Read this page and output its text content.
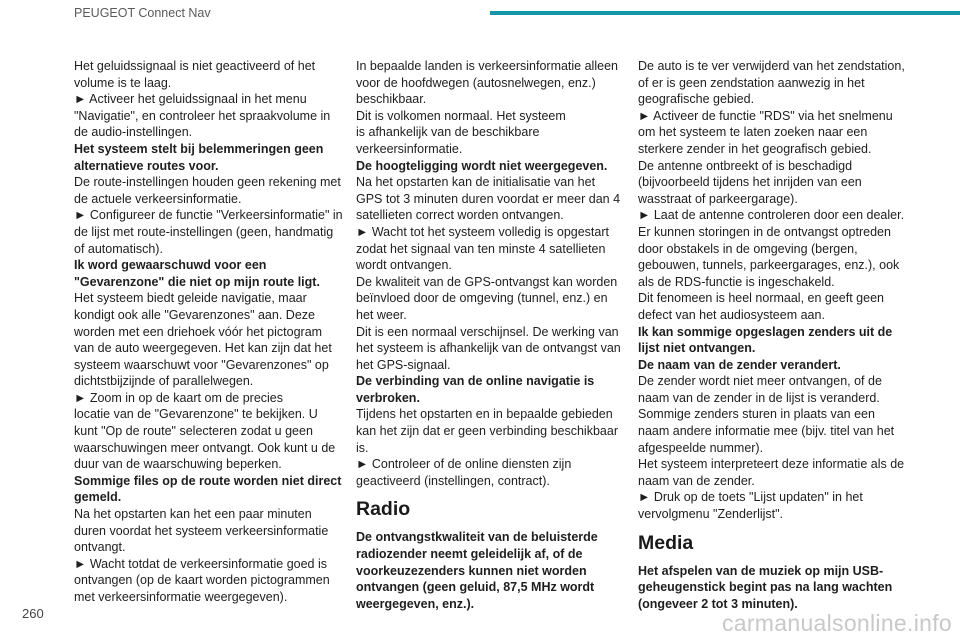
PEUGEOT Connect Nav
Het geluidssignaal is niet geactiveerd of het
volume is te laag.
► Activeer het geluidssignaal in het menu
"Navigatie", en controleer het spraakvolume in
de audio-instellingen.
Het systeem stelt bij belemmeringen geen
alternatieve routes voor.
De route-instellingen houden geen rekening met
de actuele verkeersinformatie.
► Configureer de functie "Verkeersinformatie" in
de lijst met route-instellingen (geen, handmatig
of automatisch).
Ik word gewaarschuwd voor een
"Gevarenzone" die niet op mijn route ligt.
Het systeem biedt geleide navigatie, maar
kondigt ook alle "Gevarenzones" aan. Deze
worden met een driehoek vóór het pictogram
van de auto weergegeven. Het kan zijn dat het
systeem waarschuwt voor "Gevarenzones" op
dichtstbijzijnde of parallelwegen.
► Zoom in op de kaart om de precies
locatie van de "Gevarenzone" te bekijken. U
kunt "Op de route" selecteren zodat u geen
waarschuwingen meer ontvangt. Ook kunt u de
duur van de waarschuwing beperken.
Sommige files op de route worden niet direct
gemeld.
Na het opstarten kan het een paar minuten
duren voordat het systeem verkeersinformatie
ontvangt.
► Wacht totdat de verkeersinformatie goed is
ontvangen (op de kaart worden pictogrammen
met verkeersinformatie weergegeven).
In bepaalde landen is verkeersinformatie alleen
voor de hoofdwegen (autosnelwegen, enz.)
beschikbaar.
Dit is volkomen normaal. Het systeem
is afhankelijk van de beschikbare
verkeersinformatie.
De hoogteligging wordt niet weergegeven.
Na het opstarten kan de initialisatie van het
GPS tot 3 minuten duren voordat er meer dan 4
satellieten correct worden ontvangen.
► Wacht tot het systeem volledig is opgestart
zodat het signaal van ten minste 4 satellieten
wordt ontvangen.
De kwaliteit van de GPS-ontvangst kan worden
beïnvloed door de omgeving (tunnel, enz.) en
het weer.
Dit is een normaal verschijnsel. De werking van
het systeem is afhankelijk van de ontvangst van
het GPS-signaal.
De verbinding van de online navigatie is
verbroken.
Tijdens het opstarten en in bepaalde gebieden
kan het zijn dat er geen verbinding beschikbaar
is.
► Controleer of de online diensten zijn
geactiveerd (instellingen, contract).
Radio
De ontvangstkwaliteit van de beluisterde
radiozender neemt geleidelijk af, of de
voorkeuzezenders kunnen niet worden
ontvangen (geen geluid, 87,5 MHz wordt
weergegeven, enz.).
De auto is te ver verwijderd van het zendstation,
of er is geen zendstation aanwezig in het
geografische gebied.
► Activeer de functie "RDS" via het snelmenu
om het systeem te laten zoeken naar een
sterkere zender in het geografisch gebied.
De antenne ontbreekt of is beschadigd
(bijvoorbeeld tijdens het inrijden van een
wasstraat of parkeergarage).
► Laat de antenne controleren door een dealer.
Er kunnen storingen in de ontvangst optreden
door obstakels in de omgeving (bergen,
gebouwen, tunnels, parkeergarages, enz.), ook
als de RDS-functie is ingeschakeld.
Dit fenomeen is heel normaal, en geeft geen
defect van het audiosysteem aan.
Ik kan sommige opgeslagen zenders uit de
lijst niet ontvangen.
De naam van de zender verandert.
De zender wordt niet meer ontvangen, of de
naam van de zender in de lijst is veranderd.
Sommige zenders sturen in plaats van een
naam andere informatie mee (bijv. titel van het
afgespeelde nummer).
Het systeem interpreteert deze informatie als de
naam van de zender.
► Druk op de toets "Lijst updaten" in het
vervolgmenu "Zenderlijst".
Media
Het afspelen van de muziek op mijn USB-
geheugenstick begint pas na lang wachten
(ongeveer 2 tot 3 minuten).
260	carmanualsonline.info
